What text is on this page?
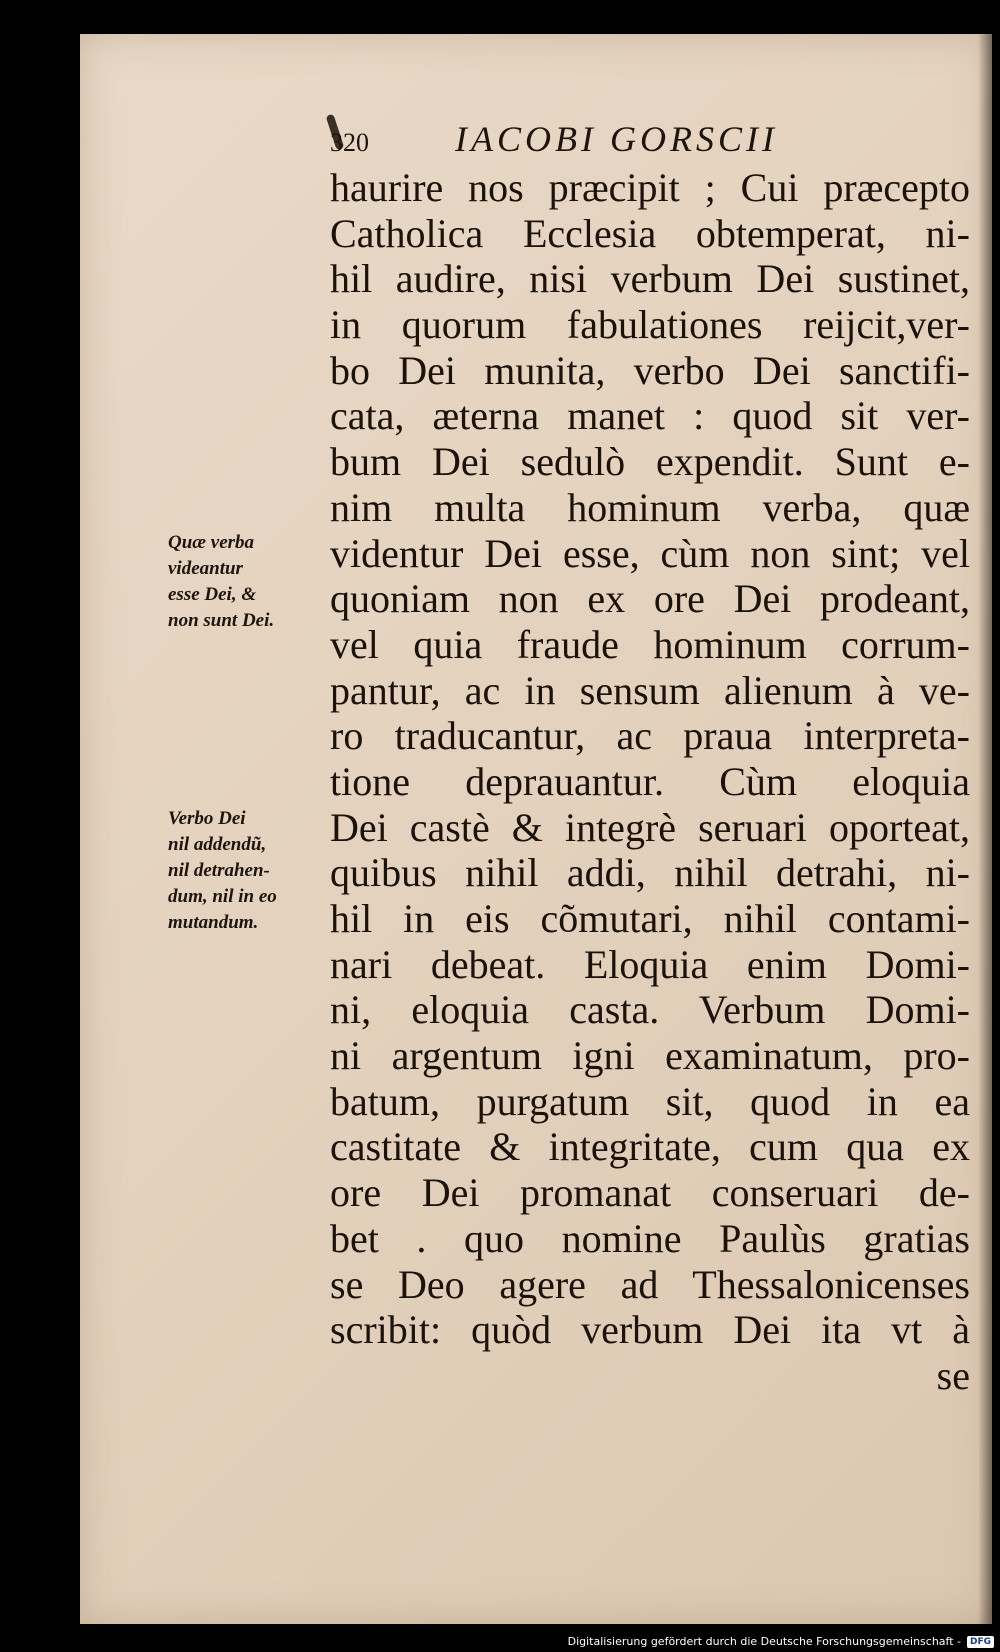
320 IACOBI GORSCII
haurire nos præcipit ; Cui præcepto
Catholica Ecclesia obtemperat, ni-
hil audire, nisi verbum Dei sustinet,
in quorum fabulationes reijcit,ver-
bo Dei munita, verbo Dei sanctifi-
cata, æterna manet : quod sit ver-
bum Dei sedulò expendit. Sunt e-
nim multa hominum verba, quæ
videntur Dei esse, cùm non sint; vel
quoniam non ex ore Dei prodeant,
vel quia fraude hominum corrum-
pantur, ac in sensum alienum à ve-
ro traducantur, ac praua interpreta-
tione deprauantur. Cùm eloquia
Dei castè & integrè seruari oporteat,
quibus nihil addi, nihil detrahi, ni-
hil in eis cõmutari, nihil contami-
nari debeat. Eloquia enim Domi-
ni, eloquia casta. Verbum Domi-
ni argentum igni examinatum, pro-
batum, purgatum sit, quod in ea
castitate & integritate, cum qua ex
ore Dei promanat conseruari de-
bet . quo nomine Paulùs gratias
se Deo agere ad Thessalonicenses
scribit: quòd verbum Dei ita vt à
se
Quæ verba
videantur
esse Dei, &
non sunt Dei.
Verbo Dei
nil addendũ,
nil detrahen-
dum, nil in eo
mutandum.
Digitalisierung gefördert durch die Deutsche Forschungsgemeinschaft -	DFG
